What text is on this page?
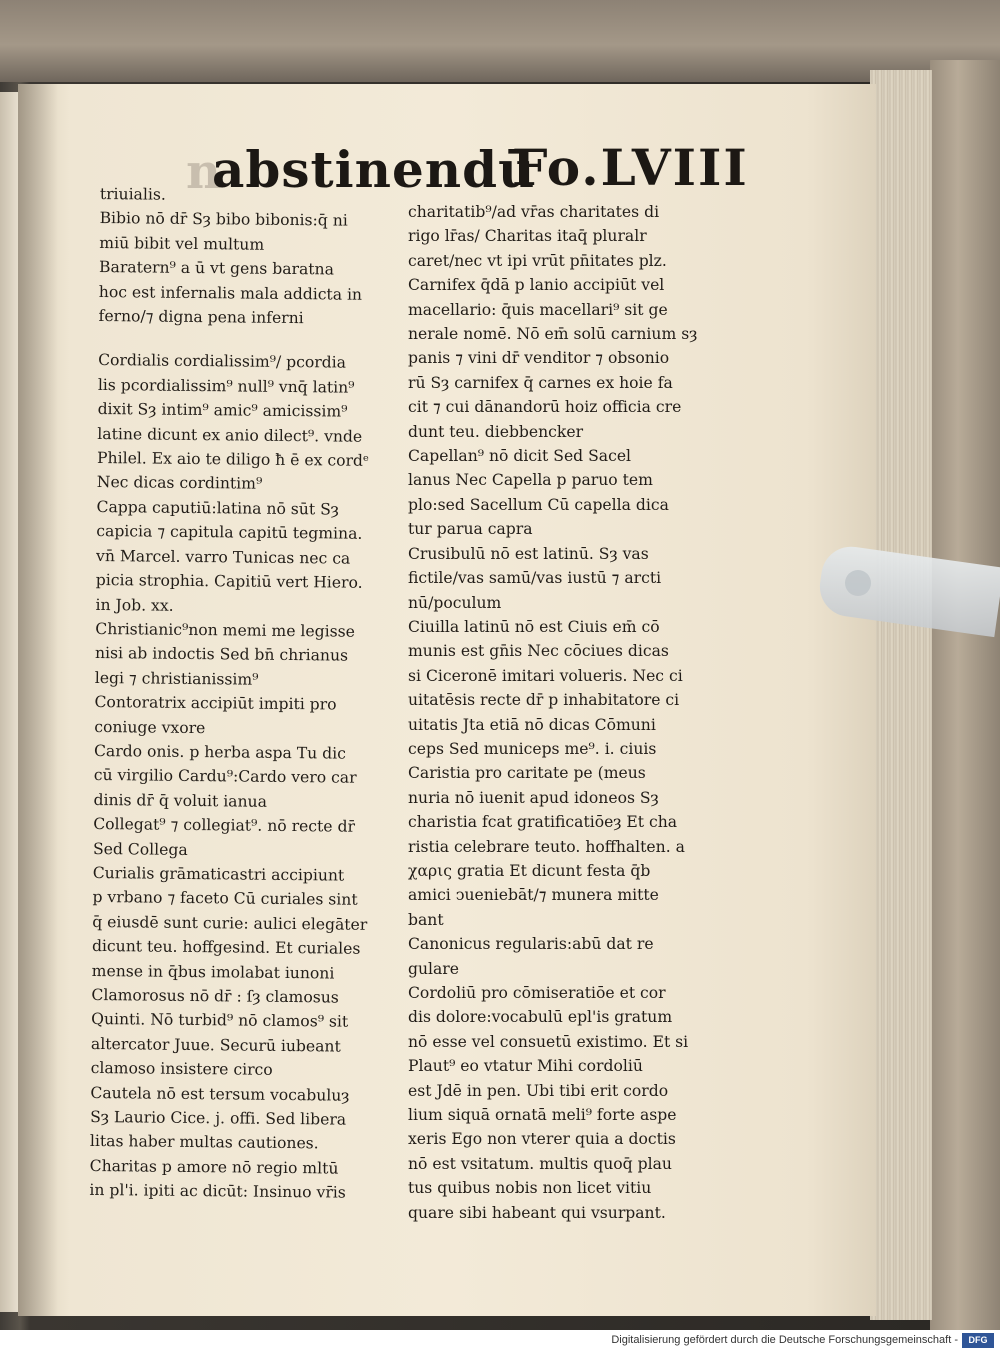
n
abstinendū
Fo.LVIII

triuialis.

Bibio nō dr̄ Sȝ bibo bibonis:q̄ ni

miū bibit vel multum

Baratern⁹ a ū vt gens baratna

hoc est infernalis mala addicta in

ferno/⁊ digna pena inferni

Cordialis cordialissim⁹/ pcordia

lis pcordialissim⁹ null⁹ vnq̄ latin⁹

dixit Sȝ intim⁹ amic⁹ amicissim⁹

latine dicunt ex anio dilect⁹. vnde

Philel. Ex aio te diligo ħ ē ex cordᵉ

Nec dicas cordintim⁹

Cappa caputiū:latina nō sūt Sȝ

capicia ⁊ capitula capitū tegmina.

vn̄ Marcel. varro Tunicas nec ca

picia strophia. Capitiū vert Hiero.

in Job. xx.

Christianic⁹non memi me legisse

nisi ab indoctis Sed bn̄ chrianus

legi ⁊ christianissim⁹

Contoratrix accipiūt impiti pro

coniuge vxore

Cardo onis. p herba aspa Tu dic

cū virgilio Cardu⁹:Cardo vero car

dinis dr̄ q̄ voluit ianua

Collegat⁹ ⁊ collegiat⁹. nō recte dr̄

Sed Collega

Curialis grāmaticastri accipiunt

p vrbano ⁊ faceto Cū curiales sint

q̄ eiusdē sunt curie: aulici elegāter

dicunt teu. hoffgesind. Et curiales

mense in q̄bus imolabat iunoni

Clamorosus nō dr̄ : ſȝ clamosus

Quinti. Nō turbid⁹ nō clamos⁹ sit

altercator Juue. Securū iubeant

clamoso insistere circo

Cautela nō est tersum vocabuluȝ

Sȝ Laurio Cice. j. offi. Sed libera

litas haber multas cautiones.

Charitas p amore nō regio mltū

in pl'i. ipiti ac dicūt: Insinuo vr̄is

charitatib⁹/ad vr̄as charitates di

rigo lr̄as/ Charitas itaq̄ pluralr

caret/nec vt ipi vrūt pn̄itates plz.

Carnifex q̄dā p lanio accipiūt vel

macellario: q̄uis macellari⁹ sit ge

nerale nomē. Nō em̄ solū carnium sȝ

panis ⁊ vini dr̄ venditor ⁊ obsonio

rū Sȝ carnifex q̄ carnes ex hoie fa

cit ⁊ cui dānandorū hoiz officia cre

dunt teu. diebbencker

Capellan⁹ nō dicit Sed Sacel

lanus Nec Capella p paruo tem

plo:sed Sacellum Cū capella dica

tur parua capra

Crusibulū nō est latinū. Sȝ vas

fictile/vas samū/vas iustū ⁊ arcti

nū/poculum

Ciuilla latinū nō est Ciuis em̄ cō

munis est gn̄is Nec cōciues dicas

si Ciceronē imitari volueris. Nec ci

uitatēsis recte dr̄ p inhabitatore ci

uitatis Jta etiā nō dicas Cōmuni

ceps Sed municeps me⁹. i. ciuis

Caristia pro caritate pe (meus

nuria nō iuenit apud idoneos Sȝ

charistia fcat gratificatiōeȝ Et cha

ristia celebrare teuto. hoffhalten. a

χαρις gratia Et dicunt festa q̄b

amici ↄueniebāt/⁊ munera mitte

bant

Canonicus regularis:abū dat re

gulare

Cordoliū pro cōmiseratiōe et cor

dis dolore:vocabulū epl'is gratum

nō esse vel consuetū existimo. Et si

Plaut⁹ eo vtatur Mihi cordoliū

est Jdē in pen. Ubi tibi erit cordo

lium siquā ornatā meli⁹ forte aspe

xeris Ego non vterer quia a doctis

nō est vsitatum. multis quoq̄ plau

tus quibus nobis non licet vitiu

quare sibi habeant qui vsurpant.

Digitalisierung gefördert durch die Deutsche Forschungsgemeinschaft -	DFG
